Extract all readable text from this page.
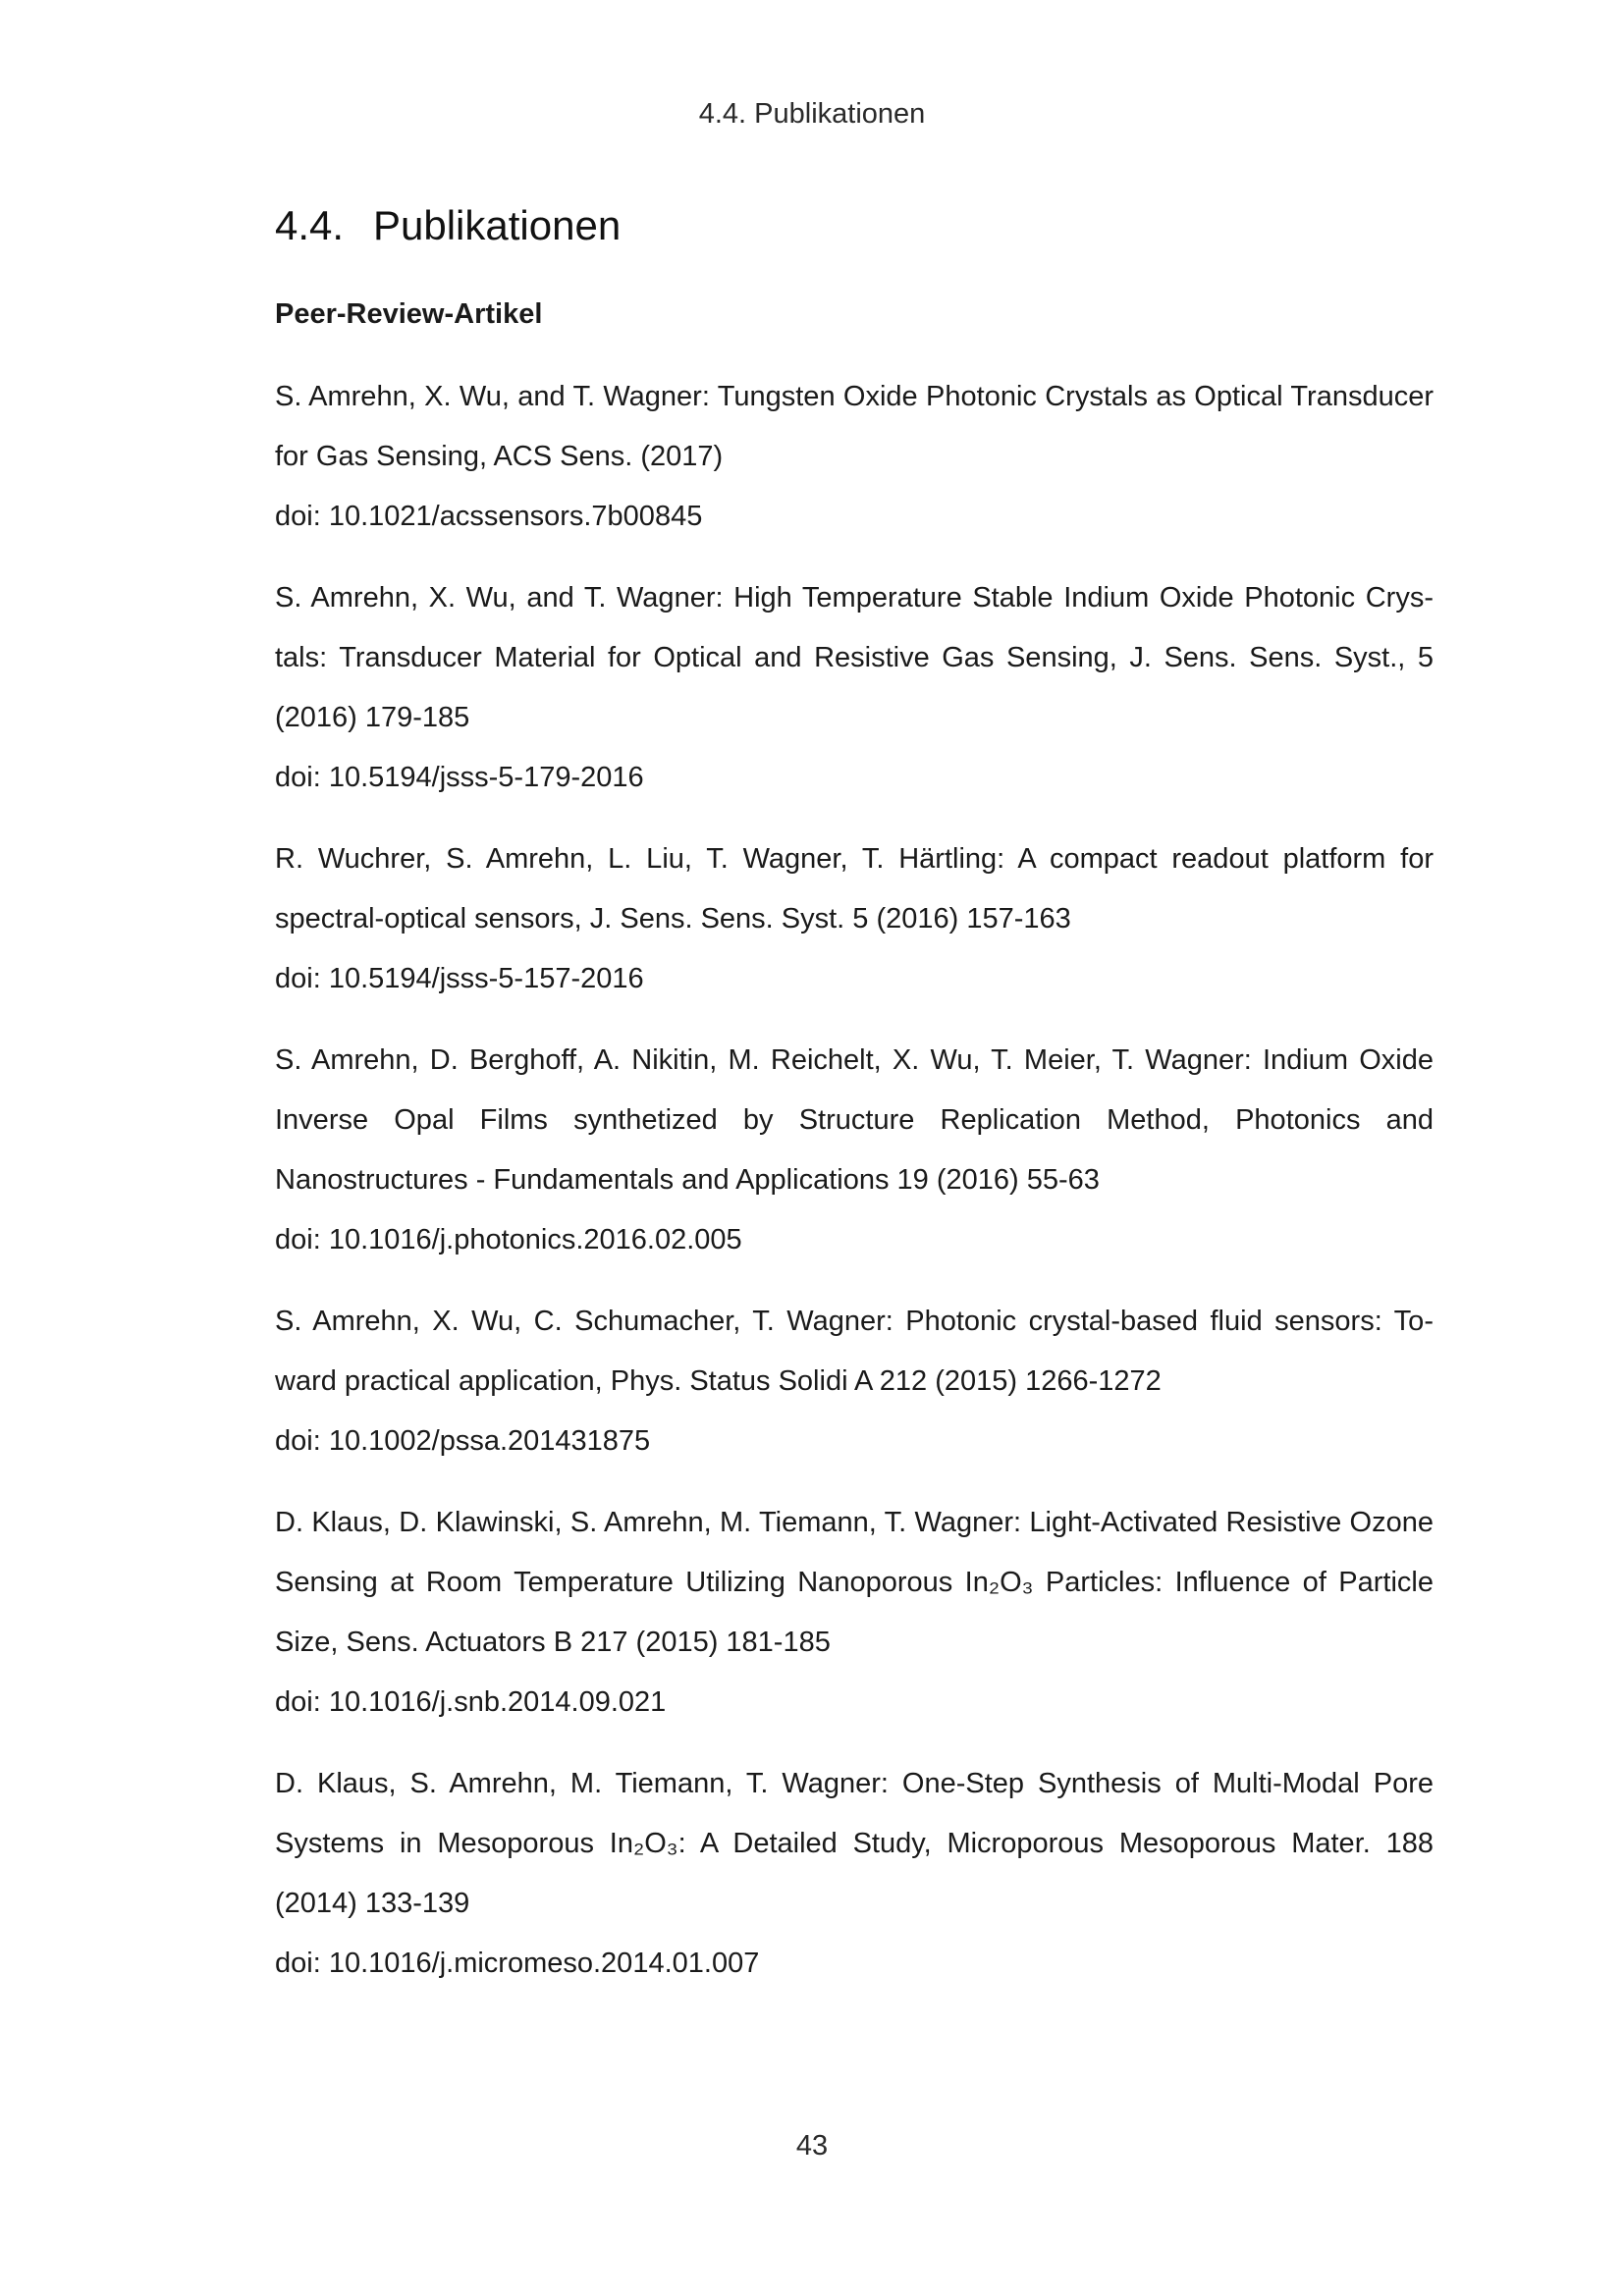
4.4. Publikationen
4.4. Publikationen
Peer-Review-Artikel

S. Amrehn, X. Wu, and T. Wagner: Tungsten Oxide Photonic Crystals as Optical Transducer for Gas Sensing, ACS Sens. (2017)

doi: 10.1021/acssensors.7b00845

S. Amrehn, X. Wu, and T. Wagner: High Temperature Stable Indium Oxide Photonic Crystals: Transducer Material for Optical and Resistive Gas Sensing, J. Sens. Sens. Syst., 5 (2016) 179-185

doi: 10.5194/jsss-5-179-2016

R. Wuchrer, S. Amrehn, L. Liu, T. Wagner, T. Härtling: A compact readout platform for spectral-optical sensors, J. Sens. Sens. Syst. 5 (2016) 157-163

doi: 10.5194/jsss-5-157-2016

S. Amrehn, D. Berghoff, A. Nikitin, M. Reichelt, X. Wu, T. Meier, T. Wagner: Indium Oxide Inverse Opal Films synthetized by Structure Replication Method, Photonics and Nanostructures - Fundamentals and Applications 19 (2016) 55-63

doi: 10.1016/j.photonics.2016.02.005

S. Amrehn, X. Wu, C. Schumacher, T. Wagner: Photonic crystal-based fluid sensors: Toward practical application, Phys. Status Solidi A 212 (2015) 1266-1272

doi: 10.1002/pssa.201431875

D. Klaus, D. Klawinski, S. Amrehn, M. Tiemann, T. Wagner: Light-Activated Resistive Ozone Sensing at Room Temperature Utilizing Nanoporous In₂O₃ Particles: Influence of Particle Size, Sens. Actuators B 217 (2015) 181-185

doi: 10.1016/j.snb.2014.09.021

D. Klaus, S. Amrehn, M. Tiemann, T. Wagner: One-Step Synthesis of Multi-Modal Pore Systems in Mesoporous In₂O₃: A Detailed Study, Microporous Mesoporous Mater. 188 (2014) 133-139

doi: 10.1016/j.micromeso.2014.01.007

43
